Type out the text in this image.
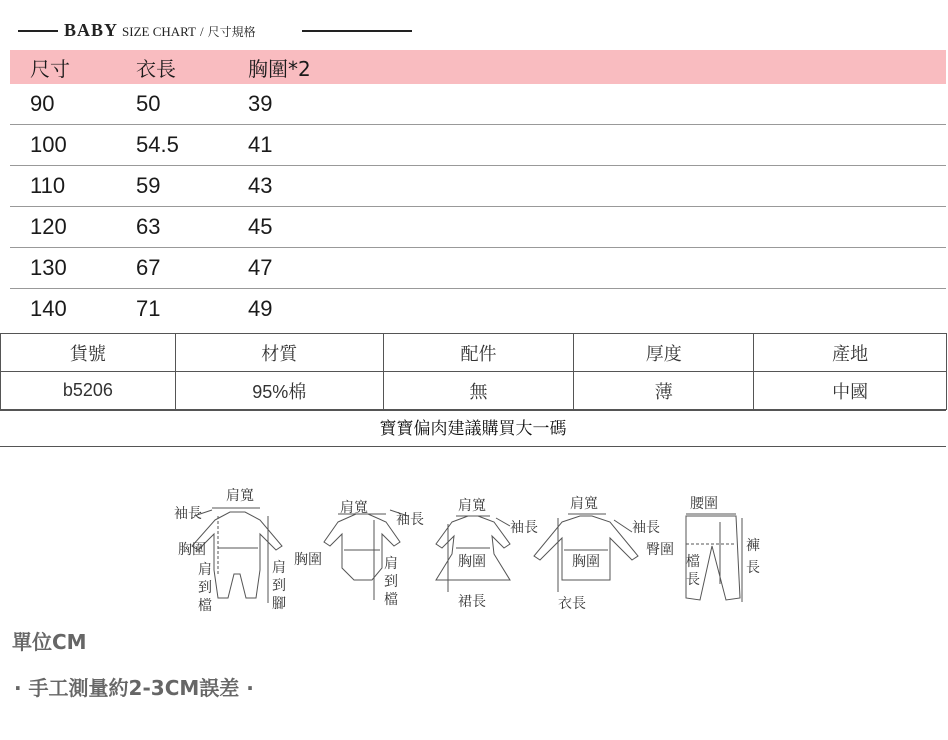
BABY SIZE CHART / 尺寸規格
尺寸	衣長	胸圍*2
90	50	39
100	54.5	41
110	59	43
120	63	45
130	67	47
140	71	49
貨號	材質	配件	厚度	產地
b5206	95%棉	無	薄	中國
寶寶偏肉建議購買大一碼
肩寬
袖長
胸圍
肩
到
檔
肩
到
腳
肩寬
袖長
胸圍	肩
到
檔
肩寬
袖長
胸圍
裙長
肩寬
袖長
胸圍
衣長
腰圍
臀圍
檔
長
褲
長
單位CM
· 手工測量約2-3CM誤差 ·
